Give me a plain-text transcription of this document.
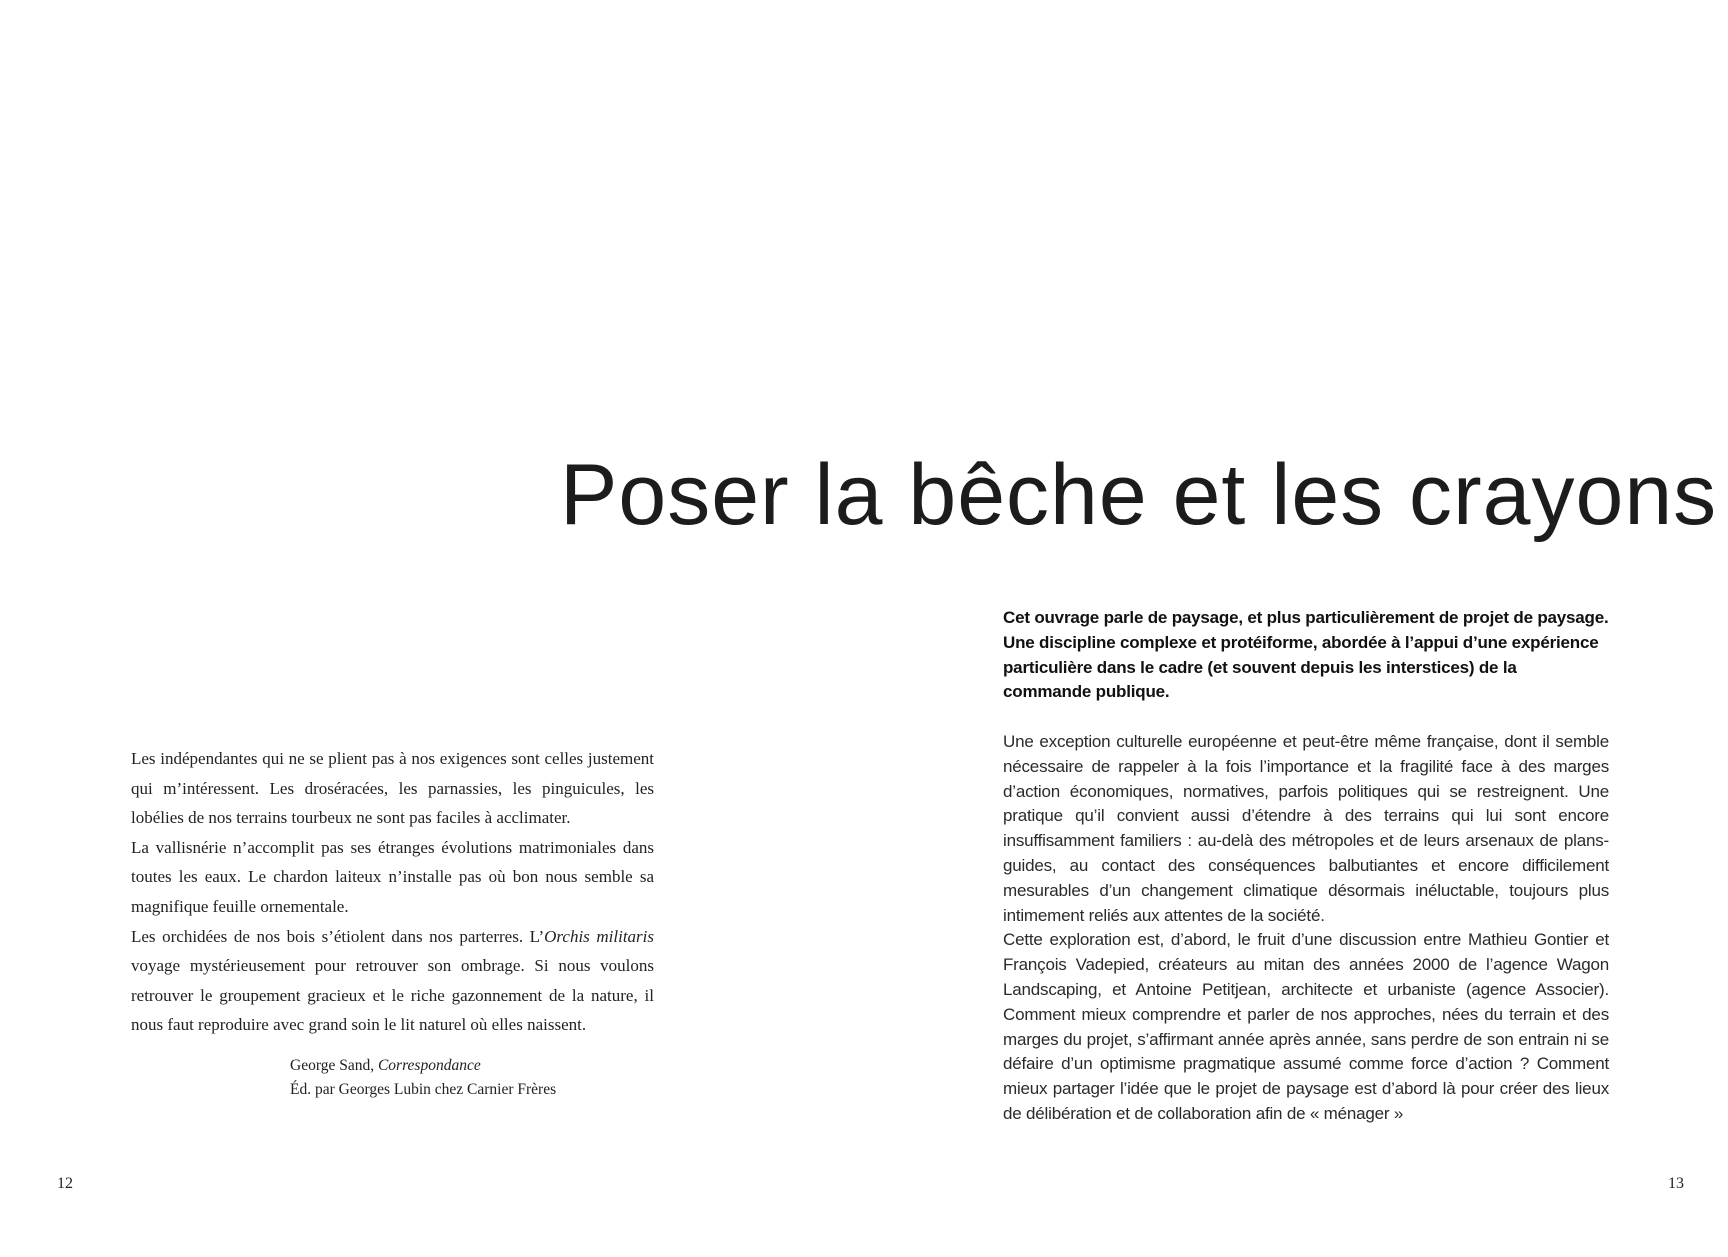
Poser la bêche et les crayons

Les indépendantes qui ne se plient pas à nos exigences sont celles justement qui m’intéressent. Les droséracées, les parnassies, les pinguicules, les lobélies de nos terrains tourbeux ne sont pas faciles à acclimater.

La vallisnérie n’accomplit pas ses étranges évolutions matrimoniales dans toutes les eaux. Le chardon laiteux n’installe pas où bon nous semble sa magnifique feuille ornementale.

Les orchidées de nos bois s’étiolent dans nos parterres. L’Orchis militaris voyage mystérieusement pour retrouver son ombrage. Si nous voulons retrouver le groupement gracieux et le riche gazonnement de la nature, il nous faut reproduire avec grand soin le lit naturel où elles naissent.

George Sand, Correspondance
Éd. par Georges Lubin chez Carnier Frères

Cet ouvrage parle de paysage, et plus particulièrement de projet de paysage. Une discipline complexe et protéiforme, abordée à l’appui d’une expérience particulière dans le cadre (et souvent depuis les interstices) de la commande publique.

Une exception culturelle européenne et peut-être même française, dont il semble nécessaire de rappeler à la fois l’importance et la fragilité face à des marges d’action économiques, normatives, parfois politiques qui se restreignent. Une pratique qu’il convient aussi d’étendre à des terrains qui lui sont encore insuffisamment familiers : au-delà des métropoles et de leurs arsenaux de plans-guides, au contact des conséquences balbutiantes et encore difficilement mesurables d’un changement climatique désormais inéluctable, toujours plus intimement reliés aux attentes de la société.

Cette exploration est, d’abord, le fruit d’une discussion entre Mathieu Gontier et François Vadepied, créateurs au mitan des années 2000 de l’agence Wagon Landscaping, et Antoine Petitjean, architecte et urbaniste (agence Associer). Comment mieux comprendre et parler de nos approches, nées du terrain et des marges du projet, s’affirmant année après année, sans perdre de son entrain ni se défaire d’un optimisme pragmatique assumé comme force d’action ? Comment mieux partager l’idée que le projet de paysage est d’abord là pour créer des lieux de délibération et de collaboration afin de « ménager »

12	13
